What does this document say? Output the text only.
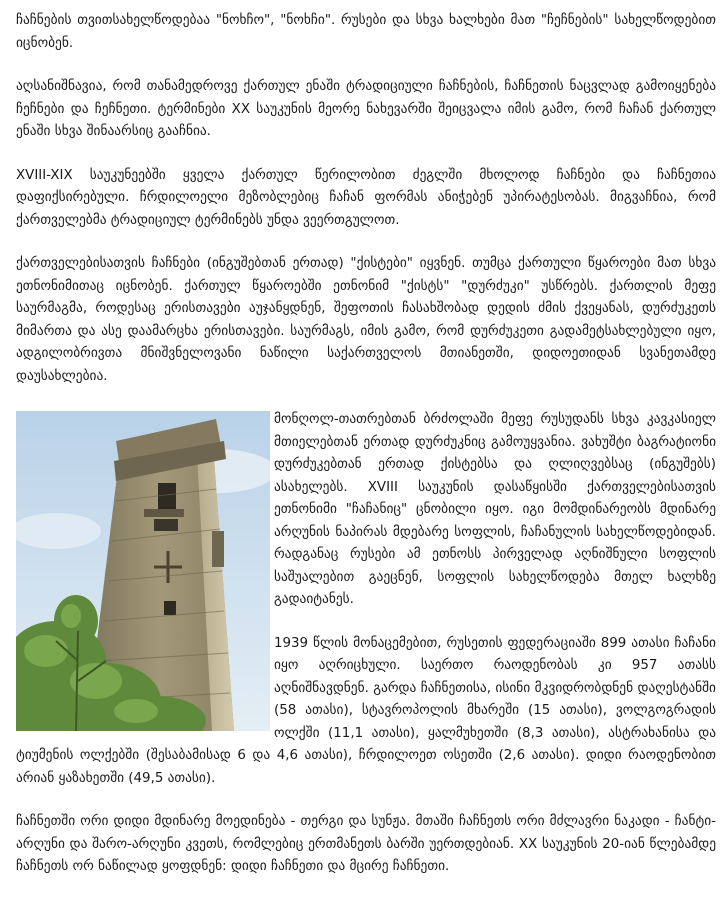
ჩაჩნების თვითსახელწოდებაა "ნოხჩო", "ნოხჩი". რუსები და სხვა ხალხები მათ "ჩეჩნების" სახელწოდებით იცნობენ.

აღსანიშნავია, რომ თანამედროვე ქართულ ენაში ტრადიციული ჩაჩნების, ჩაჩნეთის ნაცვლად გამოიყენება ჩეჩნები და ჩეჩნეთი. ტერმინები XX საუკუნის მეორე ნახევარში შეიცვალა იმის გამო, რომ ჩაჩან ქართულ ენაში სხვა შინაარსიც გააჩნია.

XVIII-XIX საუკუნეებში ყველა ქართულ წერილობით ძეგლში მხოლოდ ჩაჩნები და ჩაჩნეთია დაფიქსირებული. ჩრდილოელი მეზობლებიც ჩაჩან ფორმას ანიჭებენ უპირატესობას. მიგვაჩნია, რომ ქართველებმა ტრადიციულ ტერმინებს უნდა ვეერთგულოთ.

ქართველებისათვის ჩაჩნები (ინგუშებთან ერთად) "ქისტები" იყვნენ. თუმცა ქართული წყაროები მათ სხვა ეთნონიმითაც იცნობენ. ქართულ წყაროებში ეთნონიმ "ქისტს" "დურძუკი" უსწრებს. ქართლის მეფე საურმაგმა, როდესაც ერისთავები აუჯანყდნენ, შეფოთის ჩასახშობად დედის ძმის ქვეყანას, დურძუკეთს მიმართა და ასე დაამარცხა ერისთავები. საურმაგს, იმის გამო, რომ დურძუკეთი გადამეტსახლებული იყო, ადგილობრივთა მნიშვნელოვანი ნაწილი საქართველოს მთიანეთში, დიდოეთიდან სვანეთამდე დაუსახლებია.

მონღოლ-თათრებთან ბრძოლაში მეფე რუსუდანს სხვა კავკასიელ მთიელებთან ერთად დურძუკნიც გამოუყვანია. ვახუშტი ბაგრატიონი დურძუკებთან ერთად ქისტებსა და ღლიღვებსაც (ინგუშებს) ასახელებს. XVIII საუკუნის დასაწყისში ქართველებისათვის ეთნონიმი "ჩაჩანიც" ცნობილი იყო. იგი მომდინარეობს მდინარე არღუნის ნაპირას მდებარე სოფლის, ჩაჩანულის სახელწოდებიდან. რადგანაც რუსები ამ ეთნოსს პირველად აღნიშნული სოფლის საშუალებით გაეცნენ, სოფლის სახელწოდება მთელ ხალხზე გადაიტანეს.

1939 წლის მონაცემებით, რუსეთის ფედერაციაში 899 ათასი ჩაჩანი იყო აღრიცხული. საერთო რაოდენობას კი 957 ათასს აღნიშნავდნენ. გარდა ჩაჩნეთისა, ისინი მკვიდრობდნენ დაღესტანში (58 ათასი), სტავროპოლის მხარეში (15 ათასი), ვოლგოგრადის ოლქში (11,1 ათასი), ყალმუხეთში (8,3 ათასი), ასტრახანისა და ტიუმენის ოლქებში (შესაბამისად 6 და 4,6 ათასი), ჩრდილოეთ ოსეთში (2,6 ათასი). დიდი რაოდენობით არიან ყაზახეთში (49,5 ათასი).

ჩაჩნეთში ორი დიდი მდინარე მოედინება - თერგი და სუნჟა. მთაში ჩაჩნეთს ორი მძლავრი ნაკადი - ჩანტი-არღუნი და შარო-არღუნი კვეთს, რომლებიც ერთმანეთს ბარში უერთდებიან. XX საუკუნის 20-იან წლებამდე ჩაჩნეთს ორ ნაწილად ყოფდნენ: დიდი ჩაჩნეთი და მცირე ჩაჩნეთი.
